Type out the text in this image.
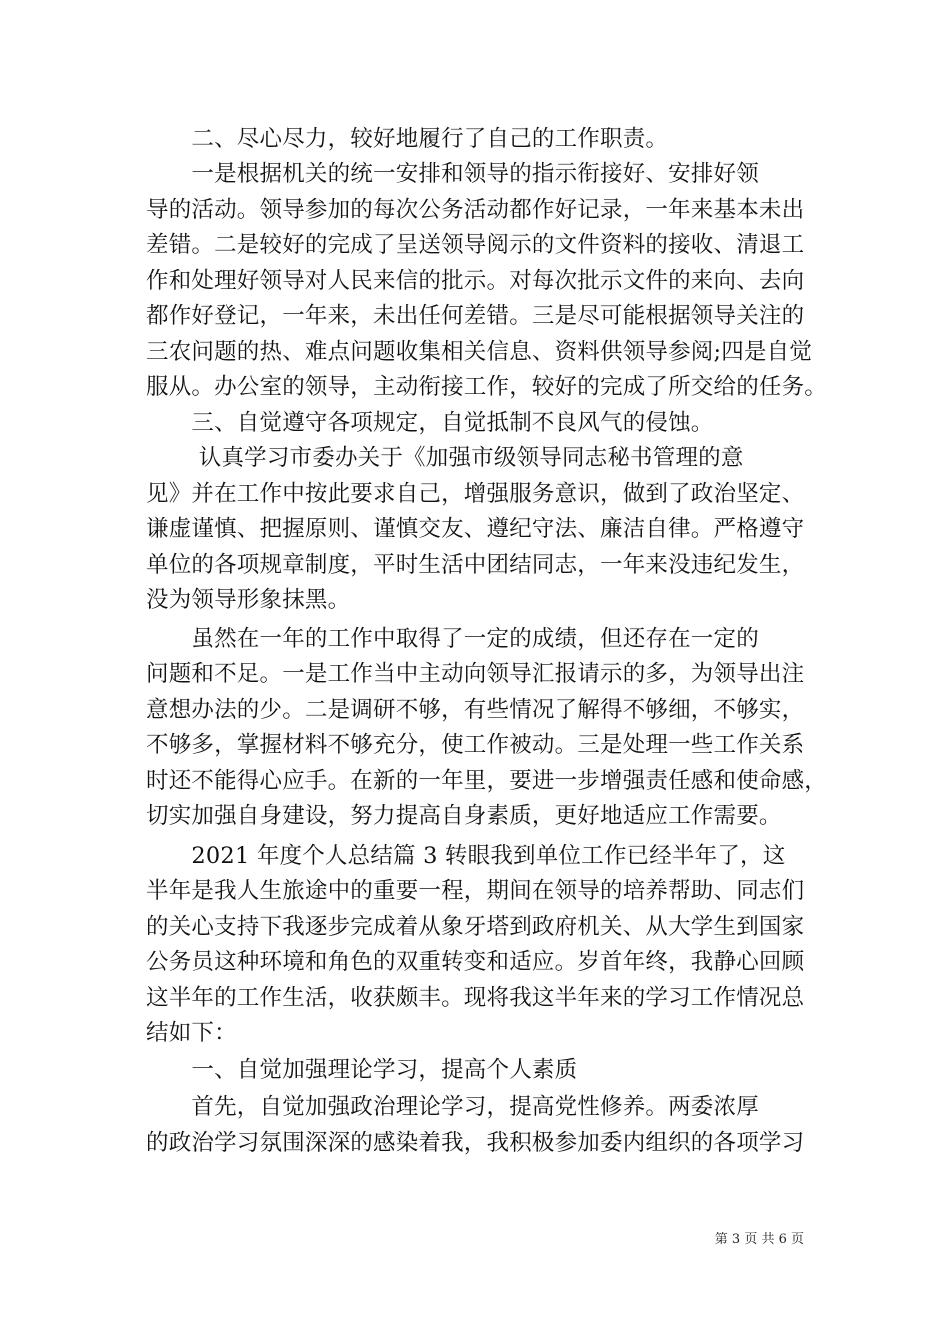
　　二、尽心尽力，较好地履行了自己的工作职责。
　　一是根据机关的统一安排和领导的指示衔接好、安排好领
导的活动。领导参加的每次公务活动都作好记录，一年来基本未出
差错。二是较好的完成了呈送领导阅示的文件资料的接收、清退工
作和处理好领导对人民来信的批示。对每次批示文件的来向、去向
都作好登记，一年来，未出任何差错。三是尽可能根据领导关注的
三农问题的热、难点问题收集相关信息、资料供领导参阅;四是自觉
服从。办公室的领导，主动衔接工作，较好的完成了所交给的任务。
　　三、自觉遵守各项规定，自觉抵制不良风气的侵蚀。
　　 认真学习市委办关于《加强市级领导同志秘书管理的意
见》并在工作中按此要求自己，增强服务意识，做到了政治坚定、
谦虚谨慎、把握原则、谨慎交友、遵纪守法、廉洁自律。严格遵守
单位的各项规章制度，平时生活中团结同志，一年来没违纪发生，
没为领导形象抹黑。
　　虽然在一年的工作中取得了一定的成绩，但还存在一定的
问题和不足。一是工作当中主动向领导汇报请示的多，为领导出注
意想办法的少。二是调研不够，有些情况了解得不够细，不够实，
不够多，掌握材料不够充分，使工作被动。三是处理一些工作关系
时还不能得心应手。在新的一年里，要进一步增强责任感和使命感，
切实加强自身建设，努力提高自身素质，更好地适应工作需要。
　　2021 年度个人总结篇 3 转眼我到单位工作已经半年了，这
半年是我人生旅途中的重要一程，期间在领导的培养帮助、同志们
的关心支持下我逐步完成着从象牙塔到政府机关、从大学生到国家
公务员这种环境和角色的双重转变和适应。岁首年终，我静心回顾
这半年的工作生活，收获颇丰。现将我这半年来的学习工作情况总
结如下：
　　一、自觉加强理论学习，提高个人素质
　　首先，自觉加强政治理论学习，提高党性修养。两委浓厚
的政治学习氛围深深的感染着我，我积极参加委内组织的各项学习
第 3 页 共 6 页
